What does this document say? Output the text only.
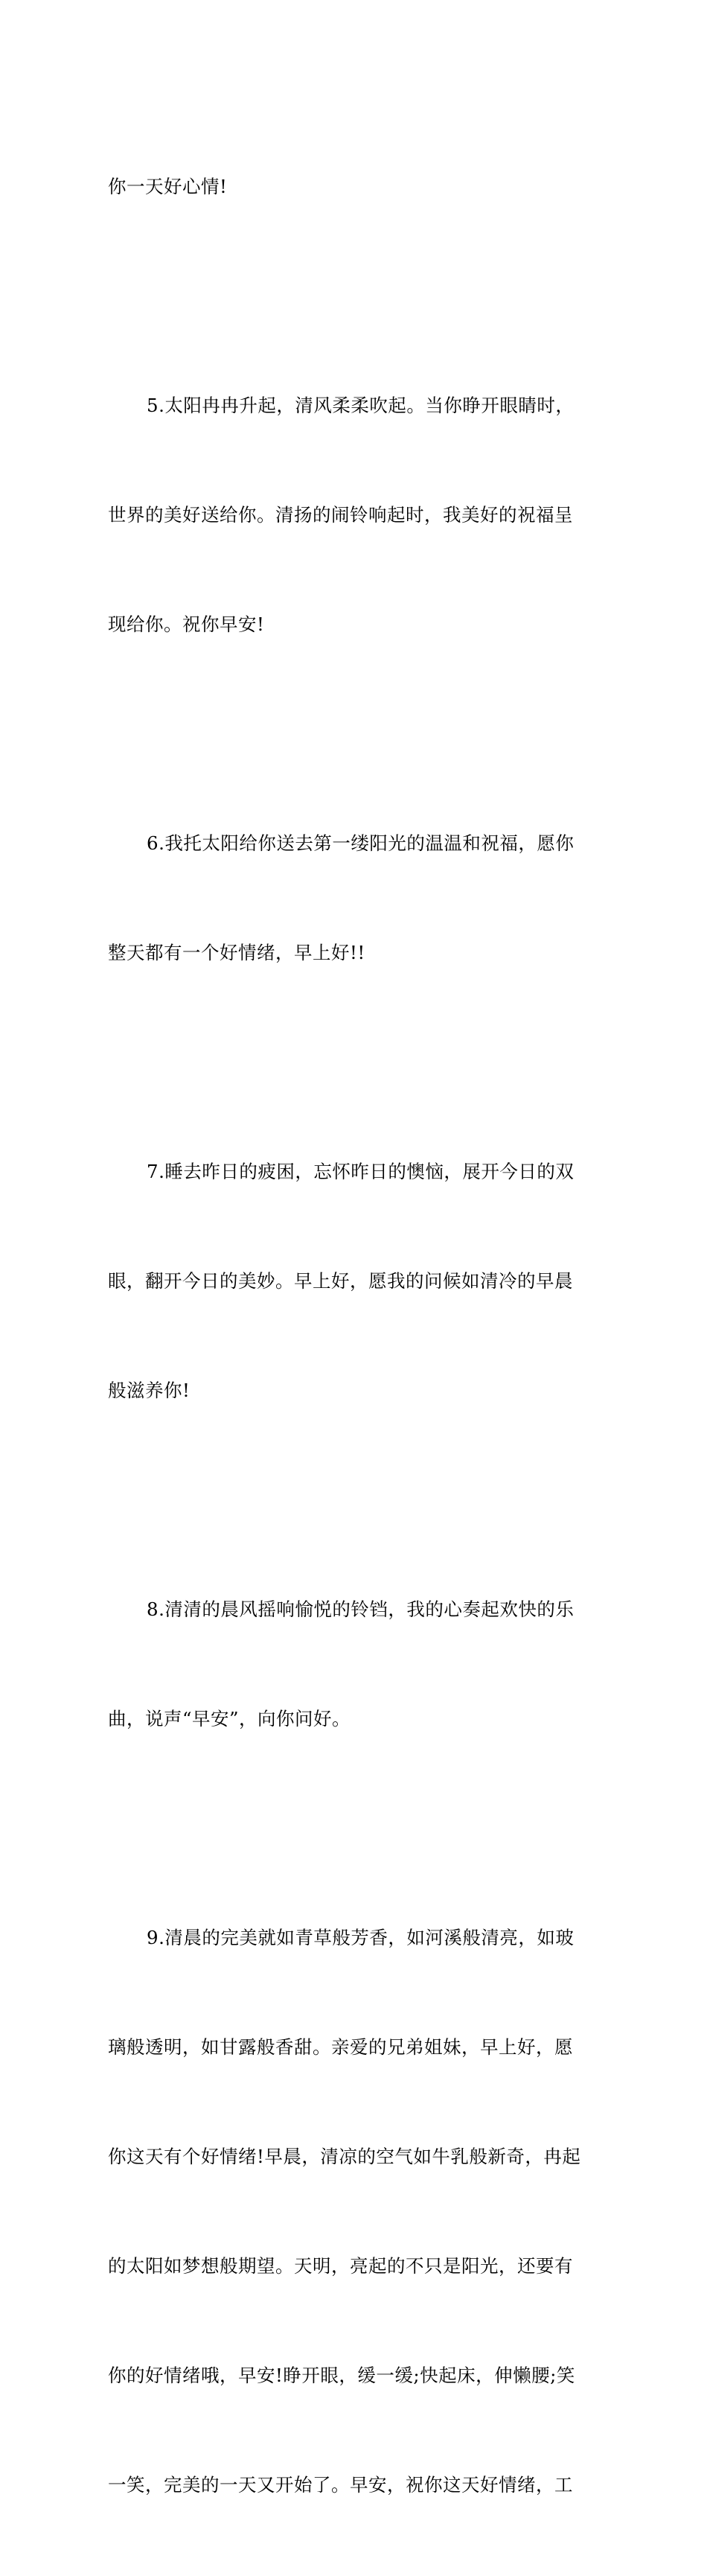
你一天好心情!

5.太阳冉冉升起，清风柔柔吹起。当你睁开眼睛时，

世界的美好送给你。清扬的闹铃响起时，我美好的祝福呈

现给你。祝你早安!

6.我托太阳给你送去第一缕阳光的温温和祝福，愿你

整天都有一个好情绪，早上好!!

7.睡去昨日的疲困，忘怀昨日的懊恼，展开今日的双

眼，翻开今日的美妙。早上好，愿我的问候如清冷的早晨

般滋养你!

8.清清的晨风摇响愉悦的铃铛，我的心奏起欢快的乐

曲，说声“早安”，向你问好。

9.清晨的完美就如青草般芳香，如河溪般清亮，如玻

璃般透明，如甘露般香甜。亲爱的兄弟姐妹，早上好，愿

你这天有个好情绪!早晨，清凉的空气如牛乳般新奇，冉起

的太阳如梦想般期望。天明，亮起的不只是阳光，还要有

你的好情绪哦，早安!睁开眼，缓一缓;快起床，伸懒腰;笑

一笑，完美的一天又开始了。早安，祝你这天好情绪，工
